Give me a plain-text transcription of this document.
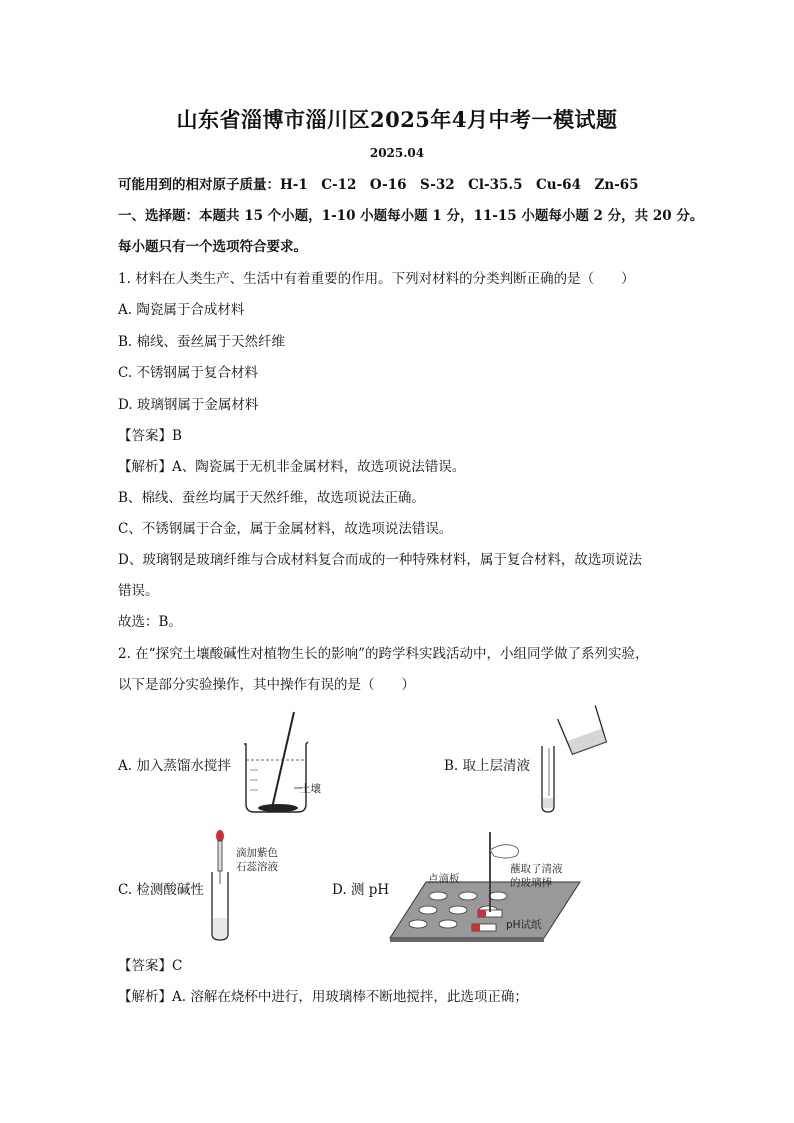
山东省淄博市淄川区2025年4月中考一模试题
2025.04
可能用到的相对原子质量：H-1　C-12　O-16　S-32　Cl-35.5　Cu-64　Zn-65
一、选择题：本题共 15 个小题，1-10 小题每小题 1 分，11-15 小题每小题 2 分，共 20 分。
每小题只有一个选项符合要求。
1. 材料在人类生产、生活中有着重要的作用。下列对材料的分类判断正确的是（　　）
A. 陶瓷属于合成材料
B. 棉线、蚕丝属于天然纤维
C. 不锈钢属于复合材料
D. 玻璃钢属于金属材料
【答案】B
【解析】A、陶瓷属于无机非金属材料，故选项说法错误。
B、棉线、蚕丝均属于天然纤维，故选项说法正确。
C、不锈钢属于合金，属于金属材料，故选项说法错误。
D、玻璃钢是玻璃纤维与合成材料复合而成的一种特殊材料，属于复合材料，故选项说法
错误。
故选：B。
2. 在“探究土壤酸碱性对植物生长的影响”的跨学科实践活动中，小组同学做了系列实验，
以下是部分实验操作，其中操作有误的是（　　）
A. 加入蒸馏水搅拌	B. 取上层清液
C. 检测酸碱性	D. 测 pH
土壤
滴加紫色
石蕊溶液
点滴板
蘸取了清液
的玻璃棒
pH试纸
【答案】C
【解析】A. 溶解在烧杯中进行，用玻璃棒不断地搅拌，此选项正确；
